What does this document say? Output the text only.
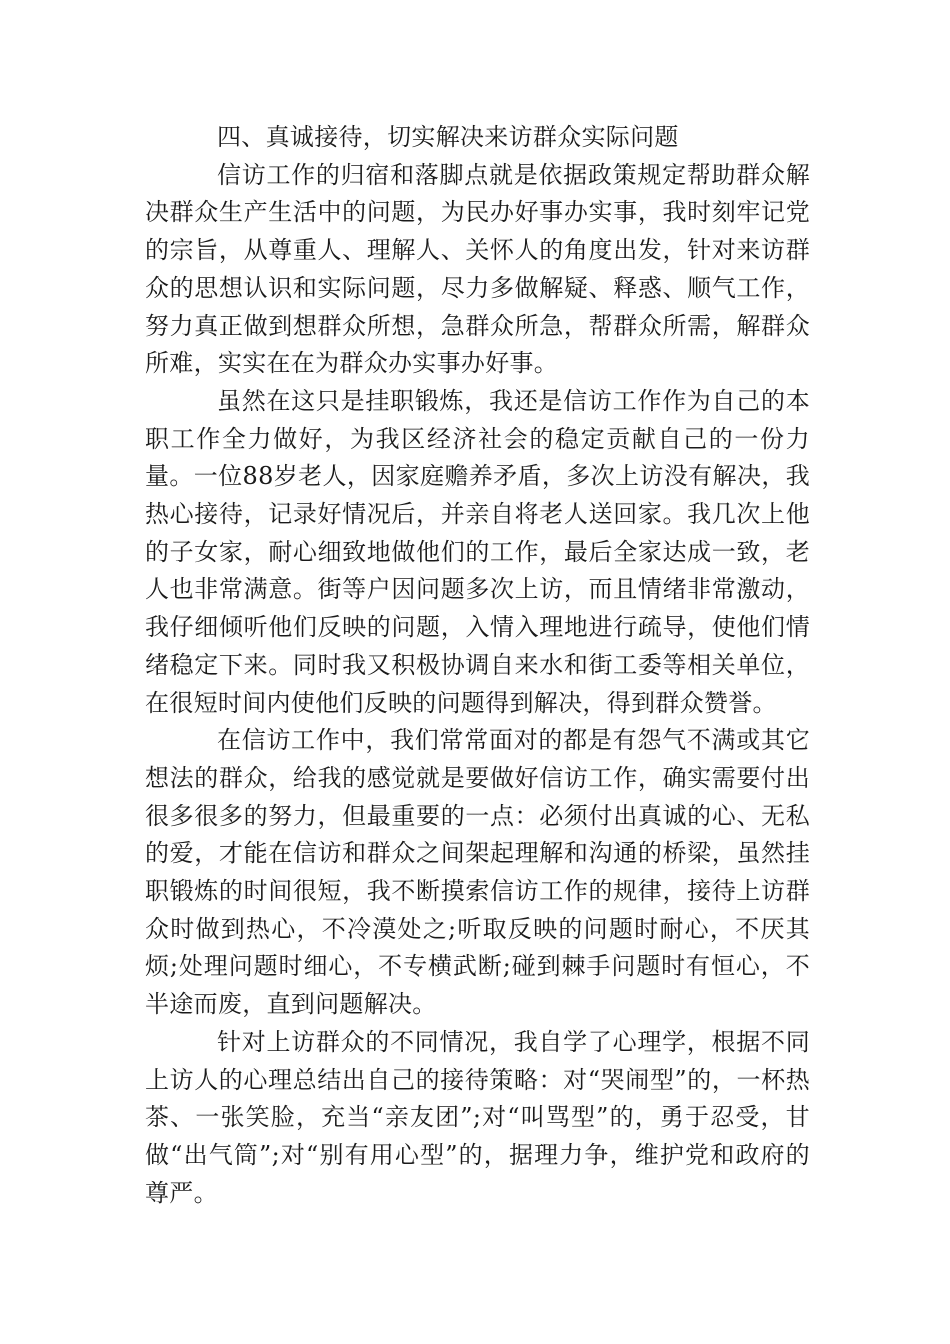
四、真诚接待，切实解决来访群众实际问题

信访工作的归宿和落脚点就是依据政策规定帮助群众解决群众生产生活中的问题，为民办好事办实事，我时刻牢记党的宗旨，从尊重人、理解人、关怀人的角度出发，针对来访群众的思想认识和实际问题，尽力多做解疑、释惑、顺气工作，努力真正做到想群众所想，急群众所急，帮群众所需，解群众所难，实实在在为群众办实事办好事。

虽然在这只是挂职锻炼，我还是信访工作作为自己的本职工作全力做好，为我区经济社会的稳定贡献自己的一份力量。一位88岁老人，因家庭赡养矛盾，多次上访没有解决，我热心接待，记录好情况后，并亲自将老人送回家。我几次上他的子女家，耐心细致地做他们的工作，最后全家达成一致，老人也非常满意。街等户因问题多次上访，而且情绪非常激动，我仔细倾听他们反映的问题，入情入理地进行疏导，使他们情绪稳定下来。同时我又积极协调自来水和街工委等相关单位，在很短时间内使他们反映的问题得到解决，得到群众赞誉。

在信访工作中，我们常常面对的都是有怨气不满或其它想法的群众，给我的感觉就是要做好信访工作，确实需要付出很多很多的努力，但最重要的一点：必须付出真诚的心、无私的爱，才能在信访和群众之间架起理解和沟通的桥梁，虽然挂职锻炼的时间很短，我不断摸索信访工作的规律，接待上访群众时做到热心，不冷漠处之;听取反映的问题时耐心，不厌其烦;处理问题时细心，不专横武断;碰到棘手问题时有恒心，不半途而废，直到问题解决。

针对上访群众的不同情况，我自学了心理学，根据不同上访人的心理总结出自己的接待策略：对“哭闹型”的，一杯热茶、一张笑脸，充当“亲友团”;对“叫骂型”的，勇于忍受，甘做“出气筒”;对“别有用心型”的，据理力争，维护党和政府的尊严。
